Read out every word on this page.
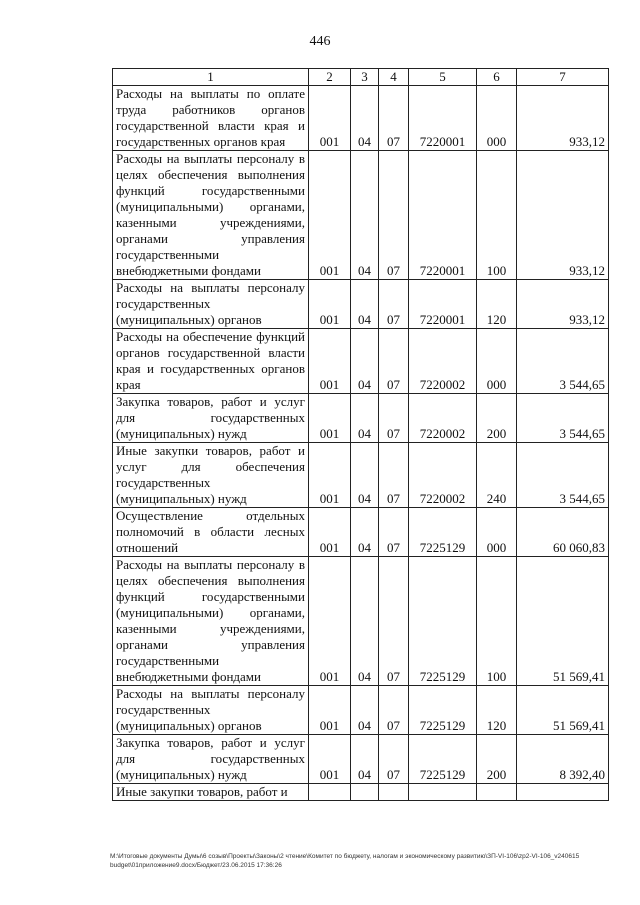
446
1	2	3	4	5	6	7
Расходы на выплаты по оплате труда работников органов государственной власти края и государственных органов края	001	04	07	7220001	000	933,12
Расходы на выплаты персоналу в целях обеспечения выполнения функций государственными (муниципальными) органами, казенными учреждениями, органами управления государственными внебюджетными фондами	001	04	07	7220001	100	933,12
Расходы на выплаты персоналу государственных (муниципальных) органов	001	04	07	7220001	120	933,12
Расходы на обеспечение функций органов государственной власти края и государственных органов края	001	04	07	7220002	000	3 544,65
Закупка товаров, работ и услуг для государственных (муниципальных) нужд	001	04	07	7220002	200	3 544,65
Иные закупки товаров, работ и услуг для обеспечения государственных (муниципальных) нужд	001	04	07	7220002	240	3 544,65
Осуществление отдельных полномочий в области лесных отношений	001	04	07	7225129	000	60 060,83
Расходы на выплаты персоналу в целях обеспечения выполнения функций государственными (муниципальными) органами, казенными учреждениями, органами управления государственными внебюджетными фондами	001	04	07	7225129	100	51 569,41
Расходы на выплаты персоналу государственных (муниципальных) органов	001	04	07	7225129	120	51 569,41
Закупка товаров, работ и услуг для государственных (муниципальных) нужд	001	04	07	7225129	200	8 392,40
Иные закупки товаров, работ и						
M:\Итоговые документы Думы\6 созыв\Проекты\Законы\2 чтение\Комитет по бюджету, налогам и экономическому развитию\ЗП-VI-106\zp2-VI-106_v240615 budget\01приложение9.docx/Бюджет/23.06.2015 17:36:26
